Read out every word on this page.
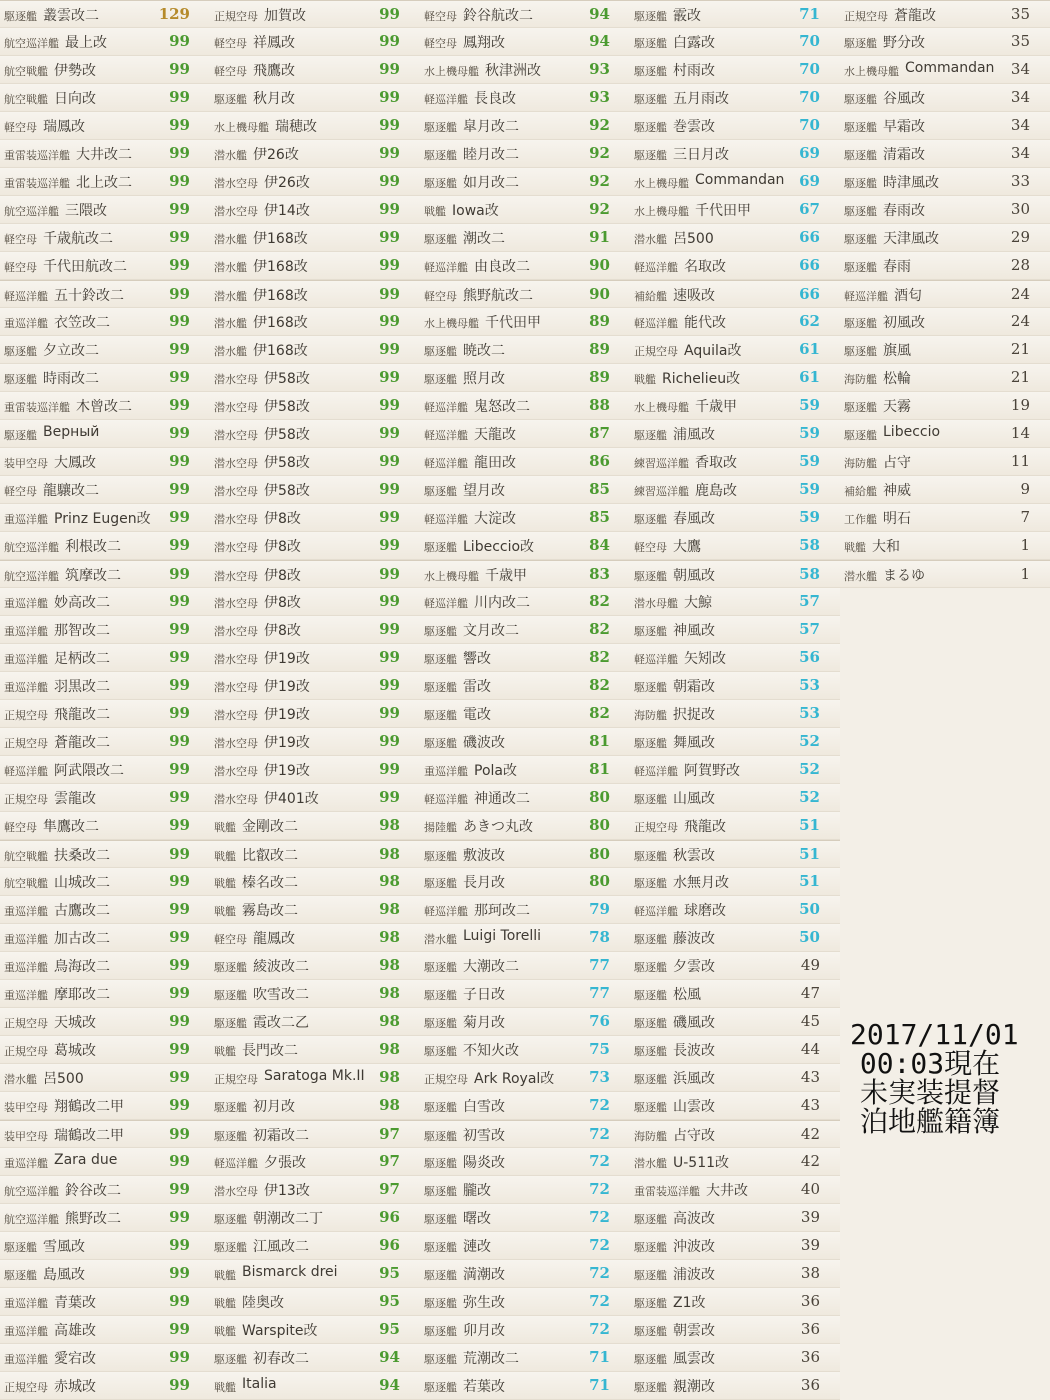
駆逐艦 叢雲改二	129
航空巡洋艦 最上改	99
航空戦艦 伊勢改	99
航空戦艦 日向改	99
軽空母 瑞鳳改	99
重雷装巡洋艦 大井改二 99
重雷装巡洋艦 北上改二 99
航空巡洋艦 三隈改	99
軽空母 千歳航改二	99
軽空母 千代田航改二	99
軽巡洋艦 五十鈴改二	99
重巡洋艦 衣笠改二	99
駆逐艦 夕立改二	99
駆逐艦 時雨改二	99
重雷装巡洋艦 木曾改二 99
駆逐艦 Верный	99
装甲空母 大鳳改	99
軽空母 龍驤改二	99
重巡洋艦 Prinz Eugen改 99
航空巡洋艦 利根改二	99
航空巡洋艦 筑摩改二	99
重巡洋艦 妙高改二	99
重巡洋艦 那智改二	99
重巡洋艦 足柄改二	99
重巡洋艦 羽黒改二	99
正規空母 飛龍改二	99
正規空母 蒼龍改二	99
軽巡洋艦 阿武隈改二	99
正規空母 雲龍改	99
軽空母 隼鷹改二	99
航空戦艦 扶桑改二	99
航空戦艦 山城改二	99
重巡洋艦 古鷹改二	99
重巡洋艦 加古改二	99
重巡洋艦 鳥海改二	99
重巡洋艦 摩耶改二	99
正規空母 天城改	99
正規空母 葛城改	99
潜水艦 呂500	99
装甲空母 翔鶴改二甲	99
装甲空母 瑞鶴改二甲	99
重巡洋艦 Zara due	99
航空巡洋艦 鈴谷改二	99
航空巡洋艦 熊野改二	99
駆逐艦 雪風改	99
駆逐艦 島風改	99
重巡洋艦 青葉改	99
重巡洋艦 高雄改	99
重巡洋艦 愛宕改	99
正規空母 赤城改	99
正規空母 加賀改	99
軽空母 祥鳳改	99
軽空母 飛鷹改	99
駆逐艦 秋月改	99
水上機母艦 瑞穂改	99
潜水艦 伊26改	99
潜水空母 伊26改	99
潜水空母 伊14改	99
潜水艦 伊168改	99
潜水艦 伊168改	99
潜水艦 伊168改	99
潜水艦 伊168改	99
潜水艦 伊168改	99
潜水空母 伊58改	99
潜水空母 伊58改	99
潜水空母 伊58改	99
潜水空母 伊58改	99
潜水空母 伊58改	99
潜水空母 伊8改	99
潜水空母 伊8改	99
潜水空母 伊8改	99
潜水空母 伊8改	99
潜水空母 伊8改	99
潜水空母 伊19改	99
潜水空母 伊19改	99
潜水空母 伊19改	99
潜水空母 伊19改	99
潜水空母 伊19改	99
潜水空母 伊401改	99
戦艦 金剛改二	98
戦艦 比叡改二	98
戦艦 榛名改二	98
戦艦 霧島改二	98
軽空母 龍鳳改	98
駆逐艦 綾波改二	98
駆逐艦 吹雪改二	98
駆逐艦 霞改二乙	98
戦艦 長門改二	98
正規空母 Saratoga Mk.II 98
駆逐艦 初月改	98
駆逐艦 初霜改二	97
軽巡洋艦 夕張改	97
潜水空母 伊13改	97
駆逐艦 朝潮改二丁	96
駆逐艦 江風改二	96
戦艦 Bismarck drei	95
戦艦 陸奥改	95
戦艦 Warspite改	95
駆逐艦 初春改二	94
戦艦 Italia	94
軽空母 鈴谷航改二	94
軽空母 鳳翔改	94
水上機母艦 秋津洲改	93
軽巡洋艦 長良改	93
駆逐艦 皐月改二	92
駆逐艦 睦月改二	92
駆逐艦 如月改二	92
戦艦 Iowa改	92
駆逐艦 潮改二	91
軽巡洋艦 由良改二	90
軽空母 熊野航改二	90
水上機母艦 千代田甲	89
駆逐艦 暁改二	89
駆逐艦 照月改	89
軽巡洋艦 鬼怒改二	88
軽巡洋艦 天龍改	87
軽巡洋艦 龍田改	86
駆逐艦 望月改	85
軽巡洋艦 大淀改	85
駆逐艦 Libeccio改	84
水上機母艦 千歳甲	83
軽巡洋艦 川内改二	82
駆逐艦 文月改二	82
駆逐艦 響改	82
駆逐艦 雷改	82
駆逐艦 電改	82
駆逐艦 磯波改	81
重巡洋艦 Pola改	81
軽巡洋艦 神通改二	80
揚陸艦 あきつ丸改	80
駆逐艦 敷波改	80
駆逐艦 長月改	80
軽巡洋艦 那珂改二	79
潜水艦 Luigi Torelli	78
駆逐艦 大潮改二	77
駆逐艦 子日改	77
駆逐艦 菊月改	76
駆逐艦 不知火改	75
正規空母 Ark Royal改 73
駆逐艦 白雪改	72
駆逐艦 初雪改	72
駆逐艦 陽炎改	72
駆逐艦 朧改	72
駆逐艦 曙改	72
駆逐艦 漣改	72
駆逐艦 満潮改	72
駆逐艦 弥生改	72
駆逐艦 卯月改	72
駆逐艦 荒潮改二	71
駆逐艦 若葉改	71
駆逐艦 霰改	71
駆逐艦 白露改	70
駆逐艦 村雨改	70
駆逐艦 五月雨改	70
駆逐艦 巻雲改	70
駆逐艦 三日月改	69
水上機母艦 Commandan 69
水上機母艦 千代田甲	67
潜水艦 呂500	66
軽巡洋艦 名取改	66
補給艦 速吸改	66
軽巡洋艦 能代改	62
正規空母 Aquila改	61
戦艦 Richelieu改	61
水上機母艦 千歳甲	59
駆逐艦 浦風改	59
練習巡洋艦 香取改	59
練習巡洋艦 鹿島改	59
駆逐艦 春風改	59
軽空母 大鷹	58
駆逐艦 朝風改	58
潜水母艦 大鯨	57
駆逐艦 神風改	57
軽巡洋艦 矢矧改	56
駆逐艦 朝霜改	53
海防艦 択捉改	53
駆逐艦 舞風改	52
軽巡洋艦 阿賀野改	52
駆逐艦 山風改	52
正規空母 飛龍改	51
駆逐艦 秋雲改	51
駆逐艦 水無月改	51
軽巡洋艦 球磨改	50
駆逐艦 藤波改	50
駆逐艦 夕雲改	49
駆逐艦 松風	47
駆逐艦 磯風改	45
駆逐艦 長波改	44
駆逐艦 浜風改	43
駆逐艦 山雲改	43
海防艦 占守改	42
潜水艦 U-511改	42
重雷装巡洋艦 大井改	40
駆逐艦 高波改	39
駆逐艦 沖波改	39
駆逐艦 浦波改	38
駆逐艦 Z1改	36
駆逐艦 朝雲改	36
駆逐艦 風雲改	36
駆逐艦 親潮改	36
正規空母 蒼龍改	35
駆逐艦 野分改	35
水上機母艦 Commandan 34
駆逐艦 谷風改	34
駆逐艦 早霜改	34
駆逐艦 清霜改	34
駆逐艦 時津風改	33
駆逐艦 春雨改	30
駆逐艦 天津風改	29
駆逐艦 春雨	28
軽巡洋艦 酒匂	24
駆逐艦 初風改	24
駆逐艦 旗風	21
海防艦 松輪	21
駆逐艦 天霧	19
駆逐艦 Libeccio	14
海防艦 占守	11
補給艦 神威	9
工作艦 明石	7
戦艦 大和	1
潜水艦 まるゆ	1
2017/11/01
00:03現在
未実装提督
泊地艦籍簿
